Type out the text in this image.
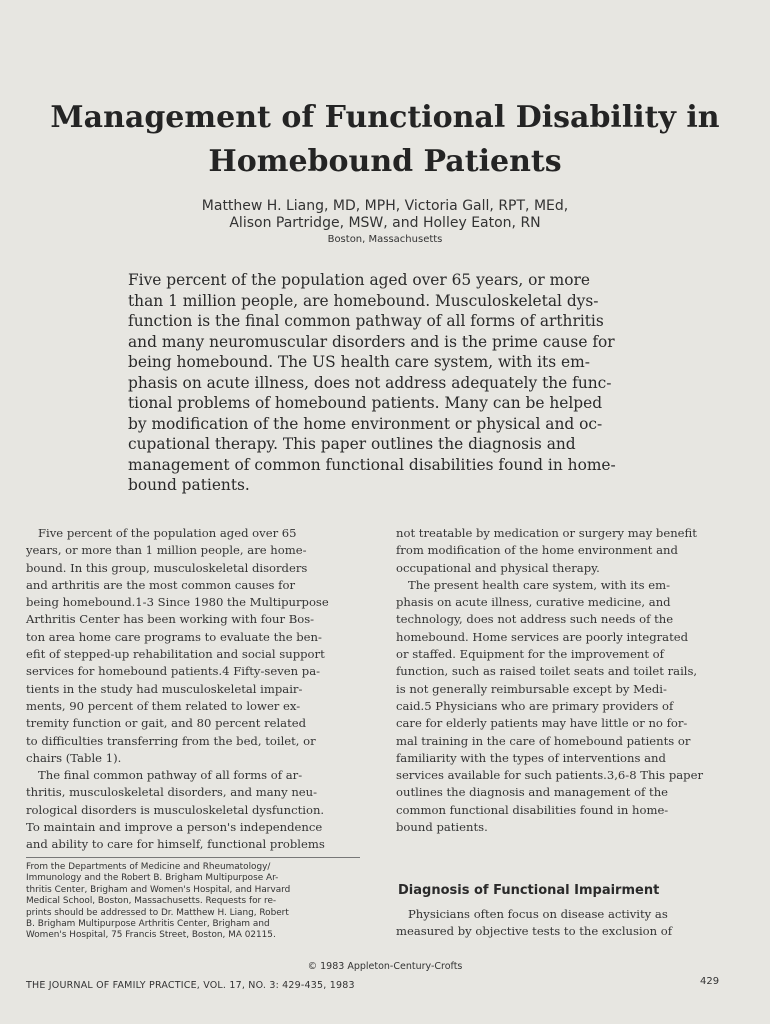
Management of Functional Disability in
Homebound Patients
Matthew H. Liang, MD, MPH, Victoria Gall, RPT, MEd,
Alison Partridge, MSW, and Holley Eaton, RN
Boston, Massachusetts
Five percent of the population aged over 65 years, or more
than 1 million people, are homebound. Musculoskeletal dys-
function is the final common pathway of all forms of arthritis
and many neuromuscular disorders and is the prime cause for
being homebound. The US health care system, with its em-
phasis on acute illness, does not address adequately the func-
tional problems of homebound patients. Many can be helped
by modification of the home environment or physical and oc-
cupational therapy. This paper outlines the diagnosis and
management of common functional disabilities found in home-
bound patients.
Five percent of the population aged over 65
years, or more than 1 million people, are home-
bound. In this group, musculoskeletal disorders
and arthritis are the most common causes for
being homebound.1-3 Since 1980 the Multipurpose
Arthritis Center has been working with four Bos-
ton area home care programs to evaluate the ben-
efit of stepped-up rehabilitation and social support
services for homebound patients.4 Fifty-seven pa-
tients in the study had musculoskeletal impair-
ments, 90 percent of them related to lower ex-
tremity function or gait, and 80 percent related
to difficulties transferring from the bed, toilet, or
chairs (Table 1).
The final common pathway of all forms of ar-
thritis, musculoskeletal disorders, and many neu-
rological disorders is musculoskeletal dysfunction.
To maintain and improve a person's independence
and ability to care for himself, functional problems
not treatable by medication or surgery may benefit
from modification of the home environment and
occupational and physical therapy.
The present health care system, with its em-
phasis on acute illness, curative medicine, and
technology, does not address such needs of the
homebound. Home services are poorly integrated
or staffed. Equipment for the improvement of
function, such as raised toilet seats and toilet rails,
is not generally reimbursable except by Medi-
caid.5 Physicians who are primary providers of
care for elderly patients may have little or no for-
mal training in the care of homebound patients or
familiarity with the types of interventions and
services available for such patients.3,6-8 This paper
outlines the diagnosis and management of the
common functional disabilities found in home-
bound patients.
From the Departments of Medicine and Rheumatology/
Immunology and the Robert B. Brigham Multipurpose Ar-
thritis Center, Brigham and Women's Hospital, and Harvard
Medical School, Boston, Massachusetts. Requests for re-
prints should be addressed to Dr. Matthew H. Liang, Robert
B. Brigham Multipurpose Arthritis Center, Brigham and
Women's Hospital, 75 Francis Street, Boston, MA 02115.
Diagnosis of Functional Impairment
Physicians often focus on disease activity as
measured by objective tests to the exclusion of
© 1983 Appleton-Century-Crofts
THE JOURNAL OF FAMILY PRACTICE, VOL. 17, NO. 3: 429-435, 1983	429
